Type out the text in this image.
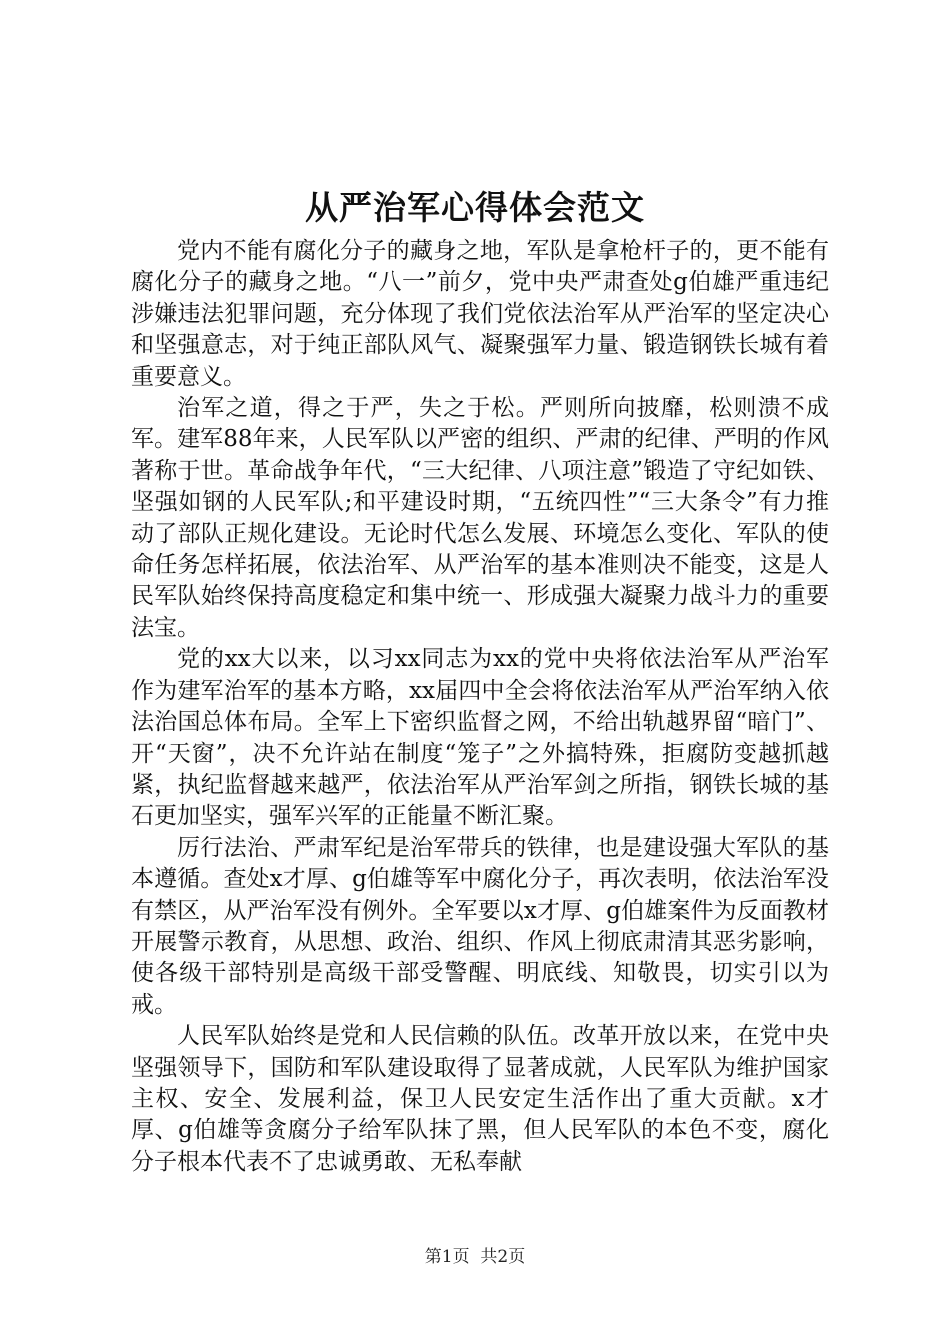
从严治军心得体会范文

党内不能有腐化分子的藏身之地，军队是拿枪杆子的，更不能有腐化分子的藏身之地。“八一”前夕，党中央严肃查处g伯雄严重违纪涉嫌违法犯罪问题，充分体现了我们党依法治军从严治军的坚定决心和坚强意志，对于纯正部队风气、凝聚强军力量、锻造钢铁长城有着重要意义。

治军之道，得之于严，失之于松。严则所向披靡，松则溃不成军。建军88年来，人民军队以严密的组织、严肃的纪律、严明的作风著称于世。革命战争年代，“三大纪律、八项注意”锻造了守纪如铁、坚强如钢的人民军队;和平建设时期，“五统四性”“三大条令”有力推动了部队正规化建设。无论时代怎么发展、环境怎么变化、军队的使命任务怎样拓展，依法治军、从严治军的基本准则决不能变，这是人民军队始终保持高度稳定和集中统一、形成强大凝聚力战斗力的重要法宝。

党的xx大以来，以习xx同志为xx的党中央将依法治军从严治军作为建军治军的基本方略，xx届四中全会将依法治军从严治军纳入依法治国总体布局。全军上下密织监督之网，不给出轨越界留“暗门”、开“天窗”，决不允许站在制度“笼子”之外搞特殊，拒腐防变越抓越紧，执纪监督越来越严，依法治军从严治军剑之所指，钢铁长城的基石更加坚实，强军兴军的正能量不断汇聚。

厉行法治、严肃军纪是治军带兵的铁律，也是建设强大军队的基本遵循。查处x才厚、g伯雄等军中腐化分子，再次表明，依法治军没有禁区，从严治军没有例外。全军要以x才厚、g伯雄案件为反面教材开展警示教育，从思想、政治、组织、作风上彻底肃清其恶劣影响，使各级干部特别是高级干部受警醒、明底线、知敬畏，切实引以为戒。

人民军队始终是党和人民信赖的队伍。改革开放以来，在党中央坚强领导下，国防和军队建设取得了显著成就，人民军队为维护国家主权、安全、发展利益，保卫人民安定生活作出了重大贡献。x才厚、g伯雄等贪腐分子给军队抹了黑，但人民军队的本色不变，腐化分子根本代表不了忠诚勇敢、无私奉献

第1页  共2页
